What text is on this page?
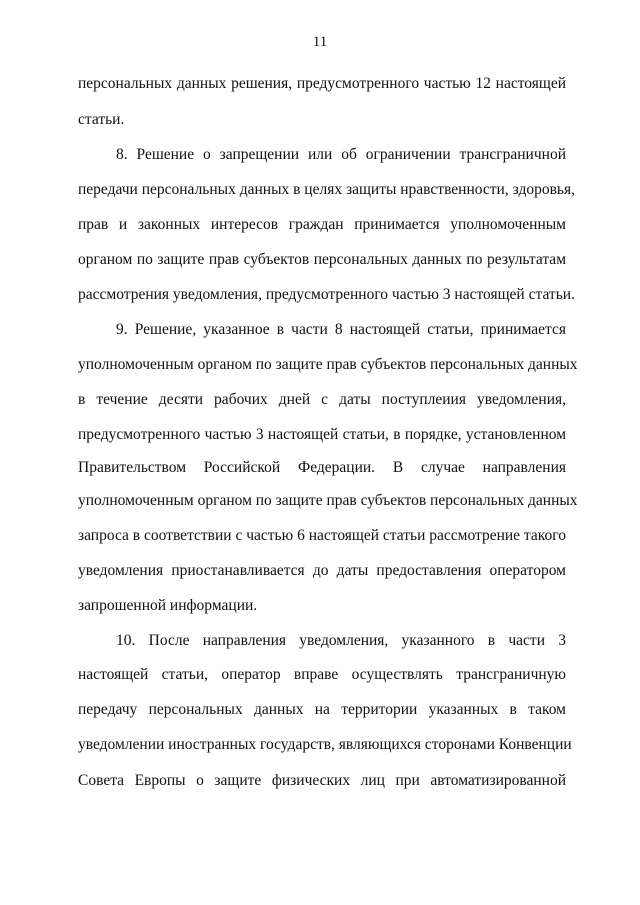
11
персональных данных решения, предусмотренного частью 12 настоящей
статьи.
8. Решение о запрещении или об ограничении трансграничной
передачи персональных данных в целях защиты нравственности, здоровья,
прав и законных интересов граждан принимается уполномоченным
органом по защите прав субъектов персональных данных по результатам
рассмотрения уведомления, предусмотренного частью 3 настоящей статьи.
9. Решение, указанное в части 8 настоящей статьи, принимается
уполномоченным органом по защите прав субъектов персональных данных
в течение десяти рабочих дней с даты поступлеиия уведомления,
предусмотренного частью 3 настоящей статьи, в порядке, установленном
Правительством Российской Федерации. В случае направления
уполномоченным органом по защите прав субъектов персональных данных
запроса в соответствии с частью 6 настоящей статьи рассмотрение такого
уведомления приостанавливается до даты предоставления оператором
запрошенной информации.
10. После направления уведомления, указанного в части 3
настоящей статьи, оператор вправе осуществлять трансграничную
передачу персональных данных на территории указанных в таком
уведомлении иностранных государств, являющихся сторонами Конвенции
Совета Европы о защите физических лиц при автоматизированной
